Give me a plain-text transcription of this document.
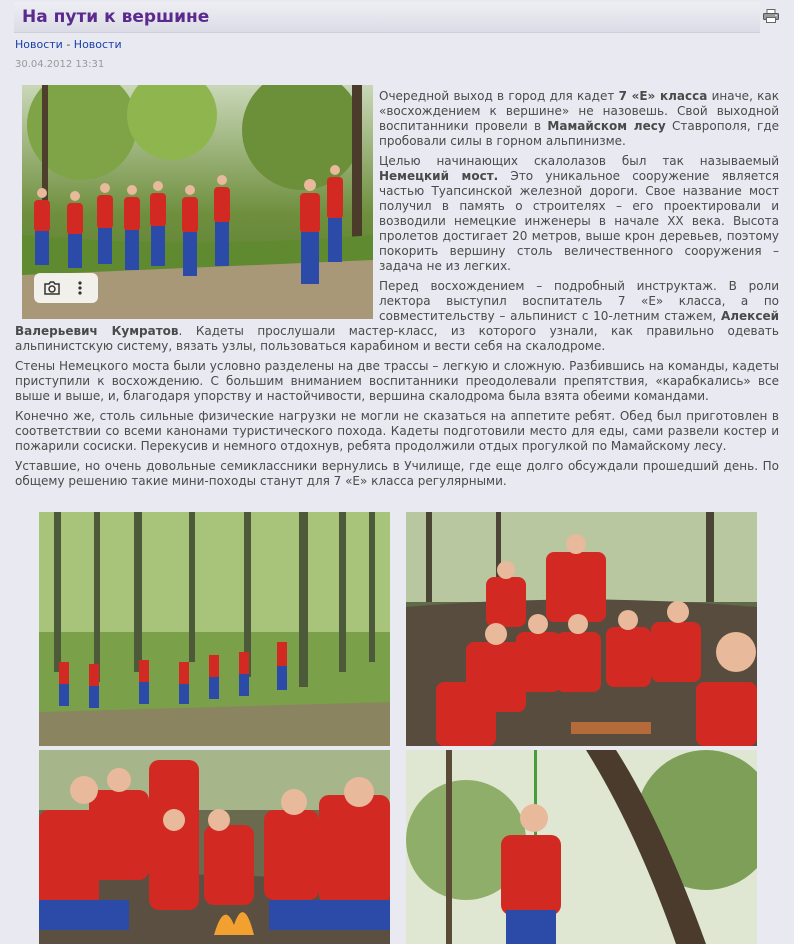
На пути к вершине
Новости - Новости
30.04.2012 13:31

Очередной выход в город для кадет 7 «Е» класса иначе, как «восхождением к вершине» не назовешь. Свой выходной воспитанники провели в Мамайском лесу Ставрополя, где пробовали силы в горном альпинизме.

Целью начинающих скалолазов был так называемый Немецкий мост. Это уникальное сооружение является частью Туапсинской железной дороги. Свое название мост получил в память о строителях – его проектировали и возводили немецкие инженеры в начале ХХ века. Высота пролетов достигает 20 метров, выше крон деревьев, поэтому покорить вершину столь величественного сооружения – задача не из легких.

Перед восхождением – подробный инструктаж. В роли лектора выступил воспитатель 7 «Е» класса, а по совместительству – альпинист с 10-летним стажем, Алексей Валерьевич Кумратов. Кадеты прослушали мастер-класс, из которого узнали, как правильно одевать альпинистскую систему, вязать узлы, пользоваться карабином и вести себя на скалодроме.

Стены Немецкого моста были условно разделены на две трассы – легкую и сложную. Разбившись на команды, кадеты приступили к восхождению. С большим вниманием воспитанники преодолевали препятствия, «карабкались» все выше и выше, и, благодаря упорству и настойчивости, вершина скалодрома была взята обеими командами.

Конечно же, столь сильные физические нагрузки не могли не сказаться на аппетите ребят. Обед был приготовлен в соответствии со всеми канонами туристического похода. Кадеты подготовили место для еды, сами развели костер и пожарили сосиски. Перекусив и немного отдохнув, ребята продолжили отдых прогулкой по Мамайскому лесу.

Уставшие, но очень довольные семиклассники вернулись в Училище, где еще долго обсуждали прошедший день. По общему решению такие мини-походы станут для 7 «Е» класса регулярными.
